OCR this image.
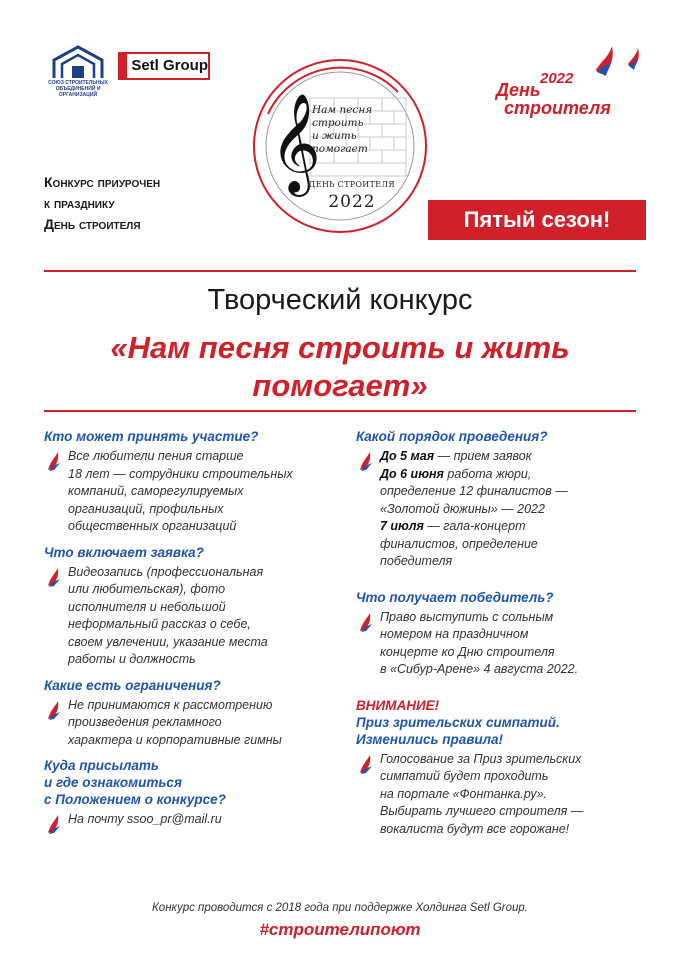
СОЮЗ СТРОИТЕЛЬНЫХ ОБЪЕДИНЕНИЙ И ОРГАНИЗАЦИЙ
Setl Group
𝄞
Нам песня
строить
и жить
помогает
ДЕНЬ СТРОИТЕЛЯ
2022
2022
День
строителя
Конкурс приурочен
к празднику
День строителя	Пятый сезон!
Творческий конкурс
«Нам песня строить и жить
помогает»
Кто может принять участие?
Все любители пения старше
18 лет — сотрудники строительных
компаний, саморегулируемых
организаций, профильных
общественных организаций
Что включает заявка?
Видеозапись (профессиональная
или любительская), фото
исполнителя и небольшой
неформальный рассказ о себе,
своем увлечении, указание места
работы и должность
Какие есть ограничения?
Не принимаются к рассмотрению
произведения рекламного
характера и корпоративные гимны
Куда присылать
и где ознакомиться
с Положением о конкурсе?
На почту ssoo_pr@mail.ru
Какой порядок проведения?
До 5 мая — прием заявок
До 6 июня работа жюри,
определение 12 финалистов —
«Золотой дюжины» — 2022
7 июля — гала-концерт
финалистов, определение
победителя
Что получает победитель?
Право выступить с сольным
номером на праздничном
концерте ко Дню строителя
в «Сибур-Арене» 4 августа 2022.
ВНИМАНИЕ!
Приз зрительских симпатий.
Изменились правила!
Голосование за Приз зрительских
симпатий будет проходить
на портале «Фонтанка.ру».
Выбирать лучшего строителя —
вокалиста будут все горожане!
Конкурс проводится с 2018 года при поддержке Холдинга Setl Group.
#строителипоют
